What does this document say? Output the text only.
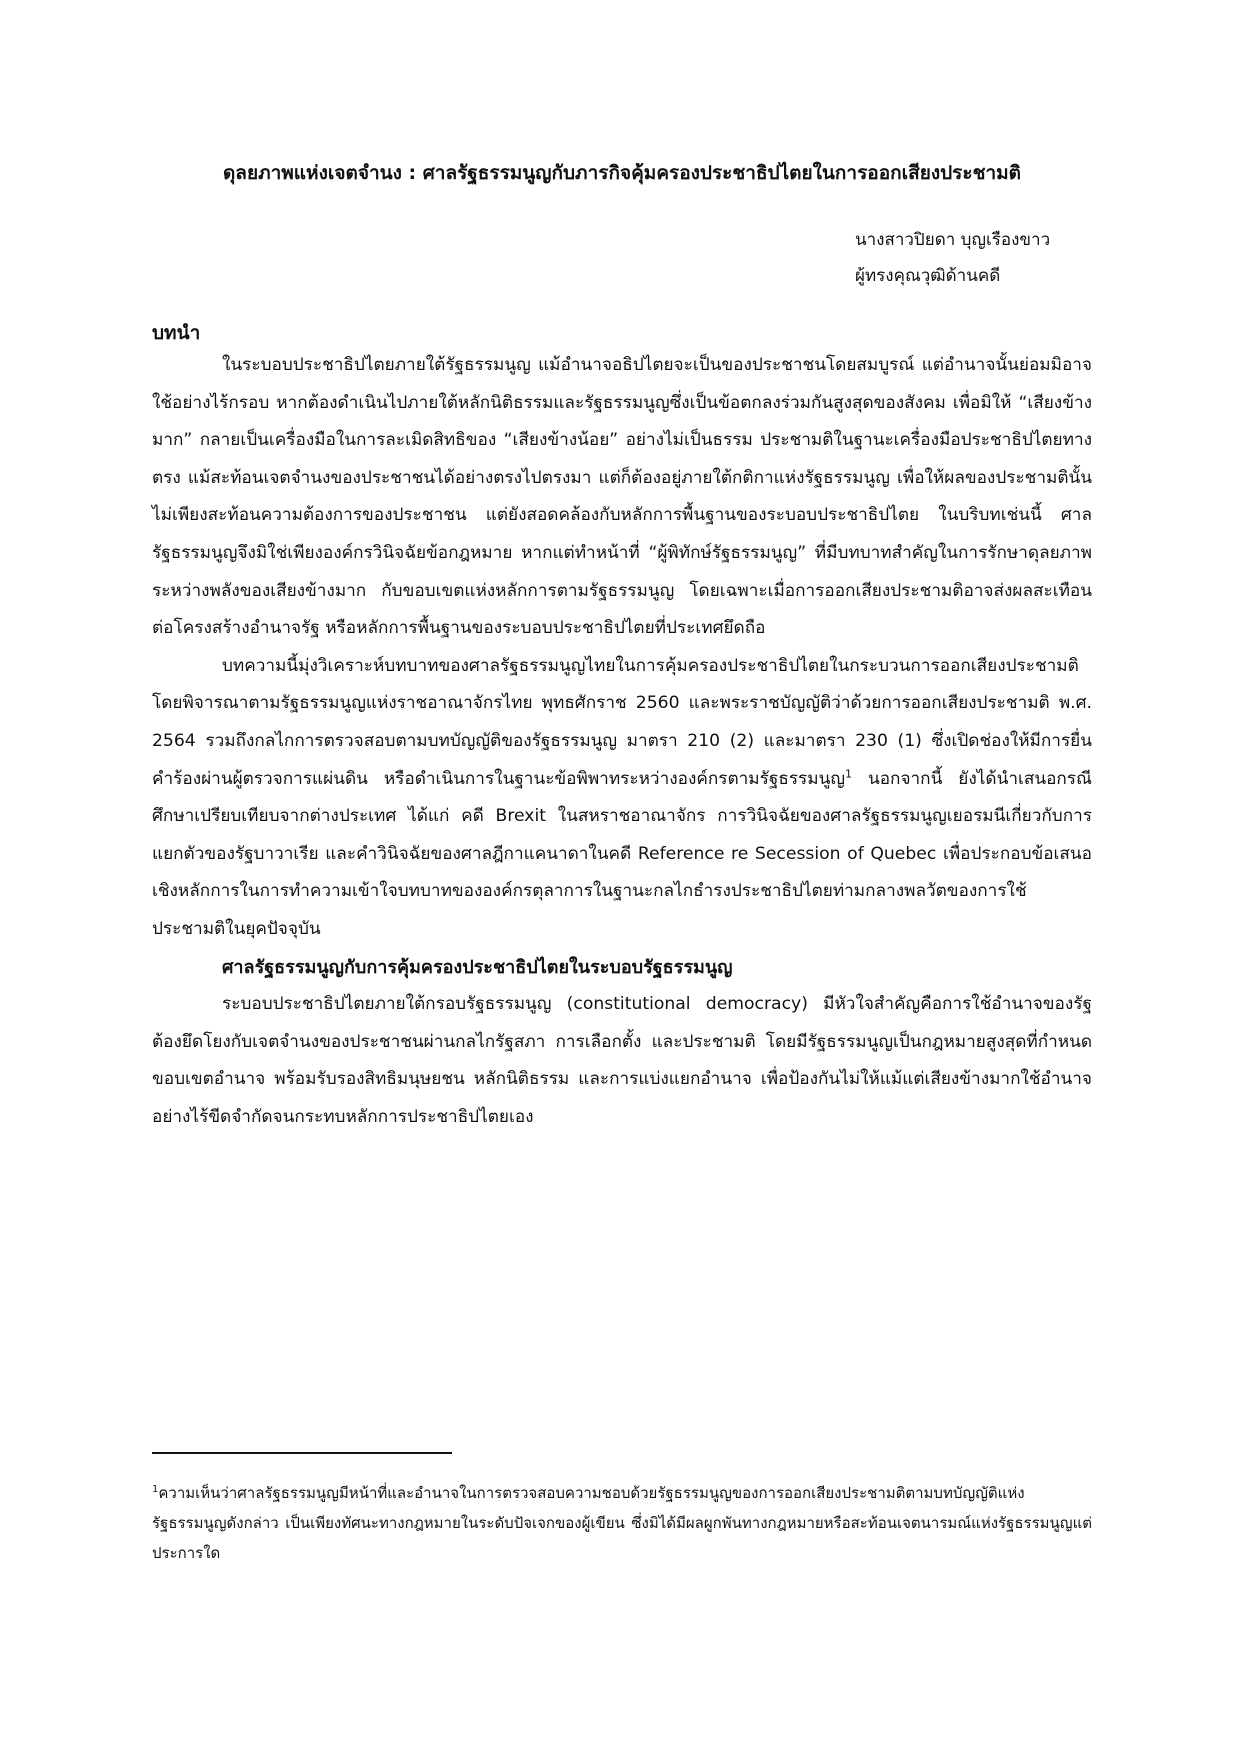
ดุลยภาพแห่งเจตจำนง : ศาลรัฐธรรมนูญกับภารกิจคุ้มครองประชาธิปไตยในการออกเสียงประชามติ
นางสาวปิยดา บุญเรืองขาว
ผู้ทรงคุณวุฒิด้านคดี
บทนำ

ในระบอบประชาธิปไตยภายใต้รัฐธรรมนูญ แม้อำนาจอธิปไตยจะเป็นของประชาชนโดยสมบูรณ์ แต่อำนาจนั้นย่อมมิอาจใช้อย่างไร้กรอบ หากต้องดำเนินไปภายใต้หลักนิติธรรมและรัฐธรรมนูญซึ่งเป็นข้อตกลงร่วมกันสูงสุดของสังคม เพื่อมิให้ “เสียงข้างมาก” กลายเป็นเครื่องมือในการละเมิดสิทธิของ “เสียงข้างน้อย” อย่างไม่เป็นธรรม ประชามติในฐานะเครื่องมือประชาธิปไตยทางตรง แม้สะท้อนเจตจำนงของประชาชนได้อย่างตรงไปตรงมา แต่ก็ต้องอยู่ภายใต้กติกาแห่งรัฐธรรมนูญ เพื่อให้ผลของประชามตินั้นไม่เพียงสะท้อนความต้องการของประชาชน แต่ยังสอดคล้องกับหลักการพื้นฐานของระบอบประชาธิปไตย ในบริบทเช่นนี้ ศาลรัฐธรรมนูญจึงมิใช่เพียงองค์กรวินิจฉัยข้อกฎหมาย หากแต่ทำหน้าที่ “ผู้พิทักษ์รัฐธรรมนูญ” ที่มีบทบาทสำคัญในการรักษาดุลยภาพระหว่างพลังของเสียงข้างมาก กับขอบเขตแห่งหลักการตามรัฐธรรมนูญ โดยเฉพาะเมื่อการออกเสียงประชามติอาจส่งผลสะเทือนต่อโครงสร้างอำนาจรัฐ หรือหลักการพื้นฐานของระบอบประชาธิปไตยที่ประเทศยึดถือ

บทความนี้มุ่งวิเคราะห์บทบาทของศาลรัฐธรรมนูญไทยในการคุ้มครองประชาธิปไตยในกระบวนการออกเสียงประชามติ โดยพิจารณาตามรัฐธรรมนูญแห่งราชอาณาจักรไทย พุทธศักราช 2560 และพระราชบัญญัติว่าด้วยการออกเสียงประชามติ พ.ศ. 2564 รวมถึงกลไกการตรวจสอบตามบทบัญญัติของรัฐธรรมนูญ มาตรา 210 (2) และมาตรา 230 (1) ซึ่งเปิดช่องให้มีการยื่นคำร้องผ่านผู้ตรวจการแผ่นดิน หรือดำเนินการในฐานะข้อพิพาทระหว่างองค์กรตามรัฐธรรมนูญ$^1$ นอกจากนี้ ยังได้นำเสนอกรณีศึกษาเปรียบเทียบจากต่างประเทศ ได้แก่ คดี Brexit ในสหราชอาณาจักร การวินิจฉัยของศาลรัฐธรรมนูญเยอรมนีเกี่ยวกับการแยกตัวของรัฐบาวาเรีย และคำวินิจฉัยของศาลฎีกาแคนาดาในคดี Reference re Secession of Quebec เพื่อประกอบข้อเสนอเชิงหลักการในการทำความเข้าใจบทบาทขององค์กรตุลาการในฐานะกลไกธำรงประชาธิปไตยท่ามกลางพลวัตของการใช้ประชามติในยุคปัจจุบัน

ศาลรัฐธรรมนูญกับการคุ้มครองประชาธิปไตยในระบอบรัฐธรรมนูญ

ระบอบประชาธิปไตยภายใต้กรอบรัฐธรรมนูญ (constitutional democracy) มีหัวใจสำคัญคือการใช้อำนาจของรัฐต้องยึดโยงกับเจตจำนงของประชาชนผ่านกลไกรัฐสภา การเลือกตั้ง และประชามติ โดยมีรัฐธรรมนูญเป็นกฎหมายสูงสุดที่กำหนดขอบเขตอำนาจ พร้อมรับรองสิทธิมนุษยชน หลักนิติธรรม และการแบ่งแยกอำนาจ เพื่อป้องกันไม่ให้แม้แต่เสียงข้างมากใช้อำนาจอย่างไร้ขีดจำกัดจนกระทบหลักการประชาธิปไตยเอง

$^1$ความเห็นว่าศาลรัฐธรรมนูญมีหน้าที่และอำนาจในการตรวจสอบความชอบด้วยรัฐธรรมนูญของการออกเสียงประชามติตามบทบัญญัติแห่งรัฐธรรมนูญดังกล่าว เป็นเพียงทัศนะทางกฎหมายในระดับปัจเจกของผู้เขียน ซึ่งมิได้มีผลผูกพันทางกฎหมายหรือสะท้อนเจตนารมณ์แห่งรัฐธรรมนูญแต่ประการใด
